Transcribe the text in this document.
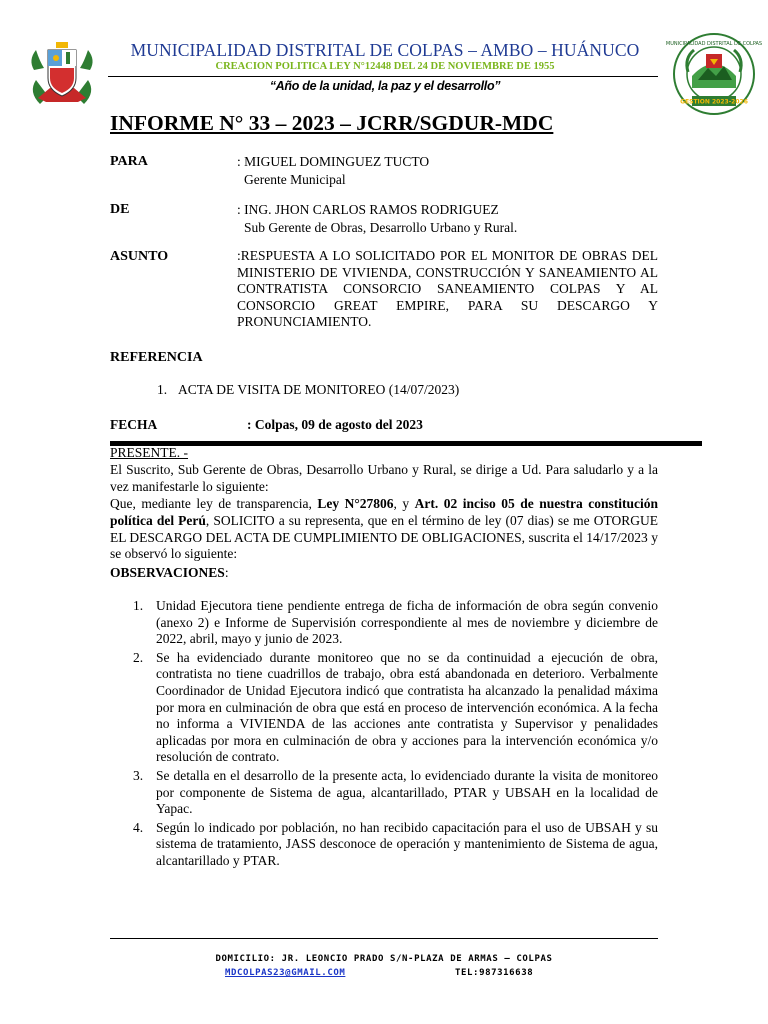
GESTION 2023-2026
MUNICIPALIDAD DISTRITAL DE COLPAS
MUNICIPALIDAD DISTRITAL DE COLPAS – AMBO – HUÁNUCO
CREACION POLITICA LEY N°12448 DEL 24 DE NOVIEMBRE DE 1955
“Año de la unidad, la paz y el desarrollo”
INFORME N° 33 – 2023 – JCRR/SGDUR-MDC
PARA	: MIGUEL DOMINGUEZ TUCTO
Gerente Municipal
DE	: ING. JHON CARLOS RAMOS RODRIGUEZ
Sub Gerente de Obras, Desarrollo Urbano y Rural.
ASUNTO	:RESPUESTA A LO SOLICITADO POR EL MONITOR DE OBRAS DEL MINISTERIO DE VIVIENDA, CONSTRUCCIÓN Y SANEAMIENTO AL CONTRATISTA CONSORCIO SANEAMIENTO COLPAS Y AL CONSORCIO GREAT EMPIRE, PARA SU DESCARGO Y PRONUNCIAMIENTO.
REFERENCIA
1. ACTA DE VISITA DE MONITOREO (14/07/2023)
FECHA	: Colpas, 09 de agosto del 2023
PRESENTE. -
El Suscrito, Sub Gerente de Obras, Desarrollo Urbano y Rural, se dirige a Ud. Para saludarlo y a la vez manifestarle lo siguiente:
Que, mediante ley de transparencia, Ley N°27806, y Art. 02 inciso 05 de nuestra constitución política del Perú, SOLICITO a su representa, que en el término de ley (07 dias) se me OTORGUE EL DESCARGO DEL ACTA DE CUMPLIMIENTO DE OBLIGACIONES, suscrita el 14/17/2023 y se observó lo siguiente:
OBSERVACIONES:
1. Unidad Ejecutora tiene pendiente entrega de ficha de información de obra según convenio (anexo 2) e Informe de Supervisión correspondiente al mes de noviembre y diciembre de 2022, abril, mayo y junio de 2023.
2. Se ha evidenciado durante monitoreo que no se da continuidad a ejecución de obra, contratista no tiene cuadrillos de trabajo, obra está abandonada en deterioro. Verbalmente Coordinador de Unidad Ejecutora indicó que contratista ha alcanzado la penalidad máxima por mora en culminación de obra que está en proceso de intervención económica. A la fecha no informa a VIVIENDA de las acciones ante contratista y Supervisor y penalidades aplicadas por mora en culminación de obra y acciones para la intervención económica y/o resolución de contrato.
3. Se detalla en el desarrollo de la presente acta, lo evidenciado durante la visita de monitoreo por componente de Sistema de agua, alcantarillado, PTAR y UBSAH en la localidad de Yapac.
4. Según lo indicado por población, no han recibido capacitación para el uso de UBSAH y su sistema de tratamiento, JASS desconoce de operación y mantenimiento de Sistema de agua, alcantarillado y PTAR.
DOMICILIO: JR. LEONCIO PRADO S/N-PLAZA DE ARMAS – COLPAS
MDCOLPAS23@GMAIL.COM	TEL:987316638
